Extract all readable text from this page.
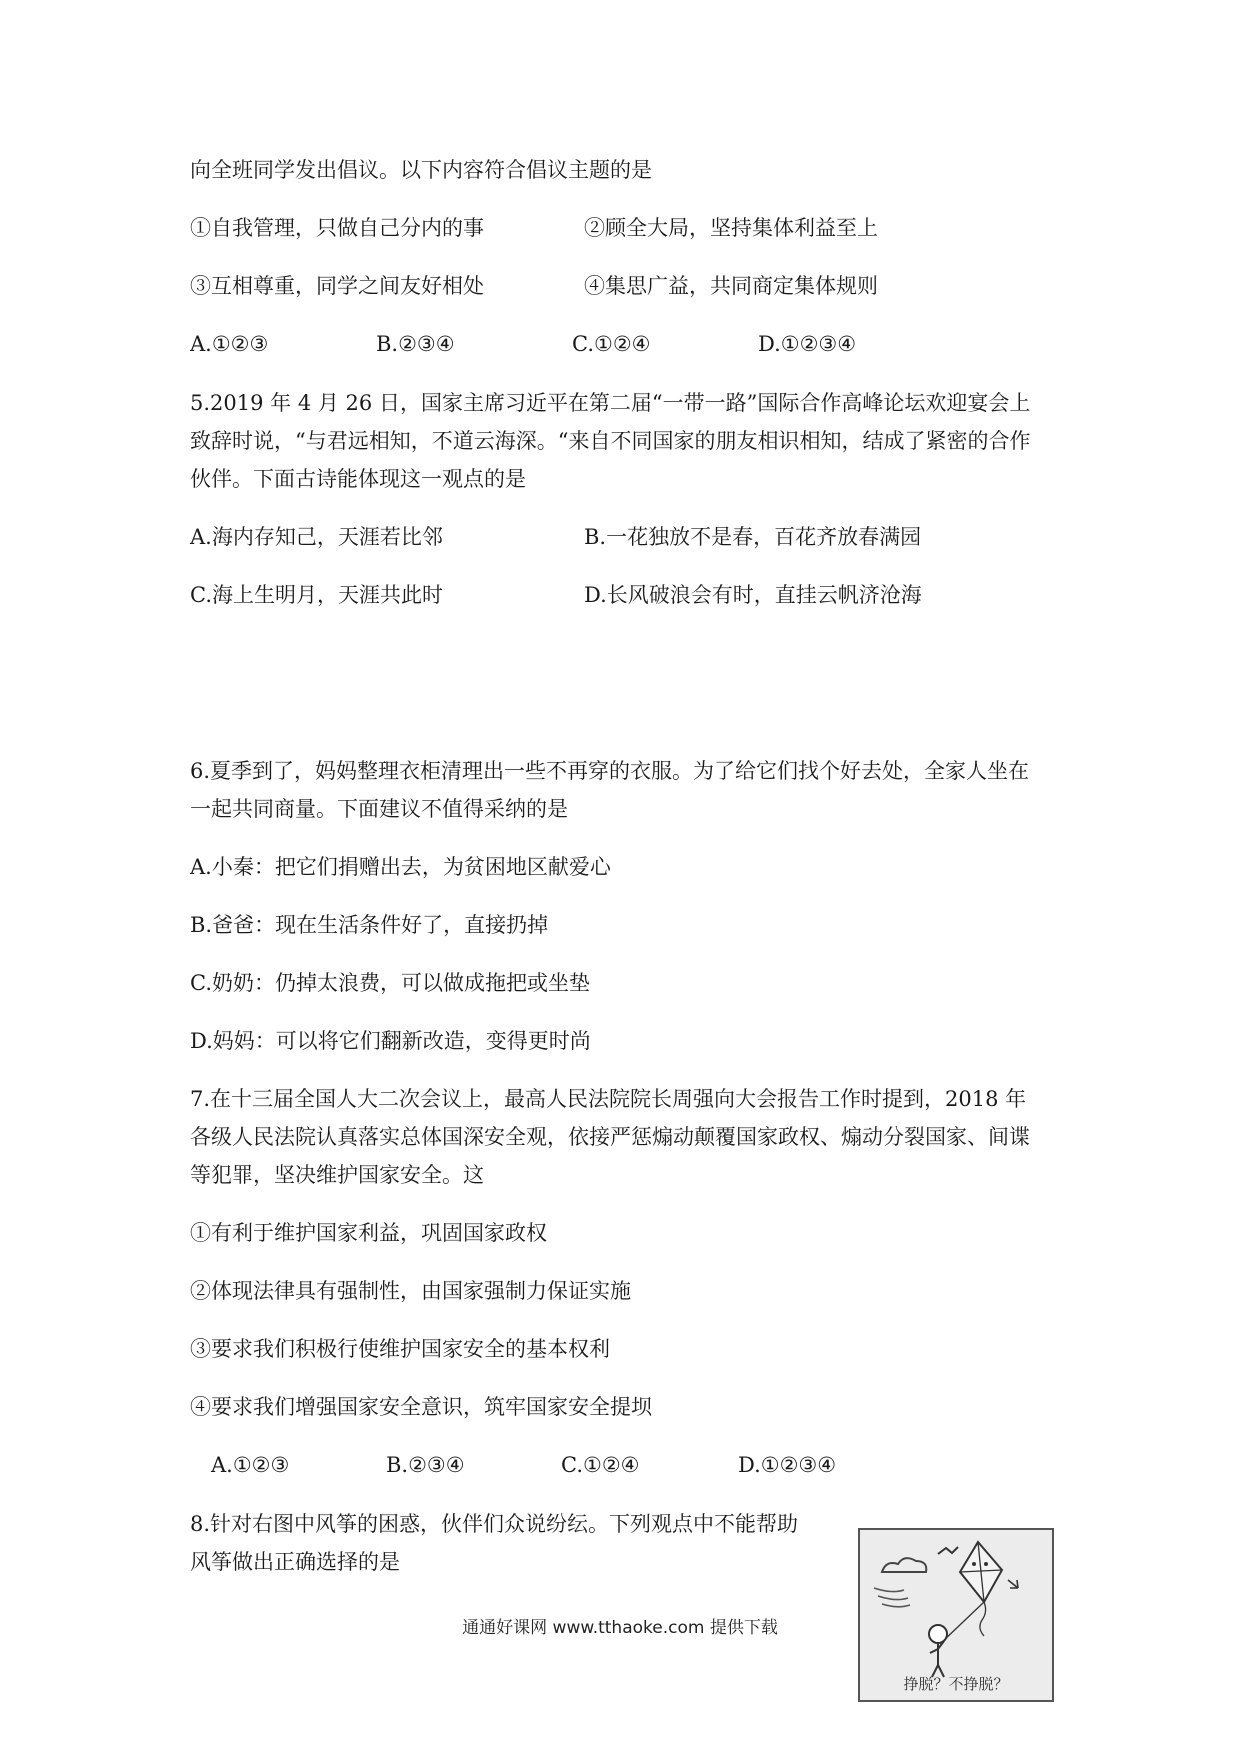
向全班同学发出倡议。以下内容符合倡议主题的是

①自我管理，只做自己分内的事	②顾全大局，坚持集体利益至上
③互相尊重，同学之间友好相处	④集思广益，共同商定集体规则
A.①②③	B.②③④	C.①②④	D.①②③④

5.2019 年 4 月 26 日，国家主席习近平在第二届“一带一路”国际合作高峰论坛欢迎宴会上

致辞时说，“与君远相知，不道云海深。“来自不同国家的朋友相识相知，结成了紧密的合作

伙伴。下面古诗能体现这一观点的是

A.海内存知己，天涯若比邻	B.一花独放不是春，百花齐放春满园
C.海上生明月，天涯共此时	D.长风破浪会有时，直挂云帆济沧海

6.夏季到了，妈妈整理衣柜清理出一些不再穿的衣服。为了给它们找个好去处，全家人坐在

一起共同商量。下面建议不值得采纳的是

A.小秦：把它们捐赠出去，为贫困地区献爱心

B.爸爸：现在生活条件好了，直接扔掉

C.奶奶：仍掉太浪费，可以做成拖把或坐垫

D.妈妈：可以将它们翻新改造，变得更时尚

7.在十三届全国人大二次会议上，最高人民法院院长周强向大会报告工作时提到，2018 年

各级人民法院认真落实总体国深安全观，依接严惩煽动颠覆国家政权、煽动分裂国家、间谍

等犯罪，坚决维护国家安全。这

①有利于维护国家利益，巩固国家政权

②体现法律具有强制性，由国家强制力保证实施

③要求我们积极行使维护国家安全的基本权利

④要求我们增强国家安全意识，筑牢国家安全提坝

A.①②③	B.②③④	C.①②④	D.①②③④

8.针对右图中风筝的困惑，伙伴们众说纷纭。下列观点中不能帮助

风筝做出正确选择的是

挣脱？不挣脱？
通通好课网 www.tthaoke.com 提供下载
